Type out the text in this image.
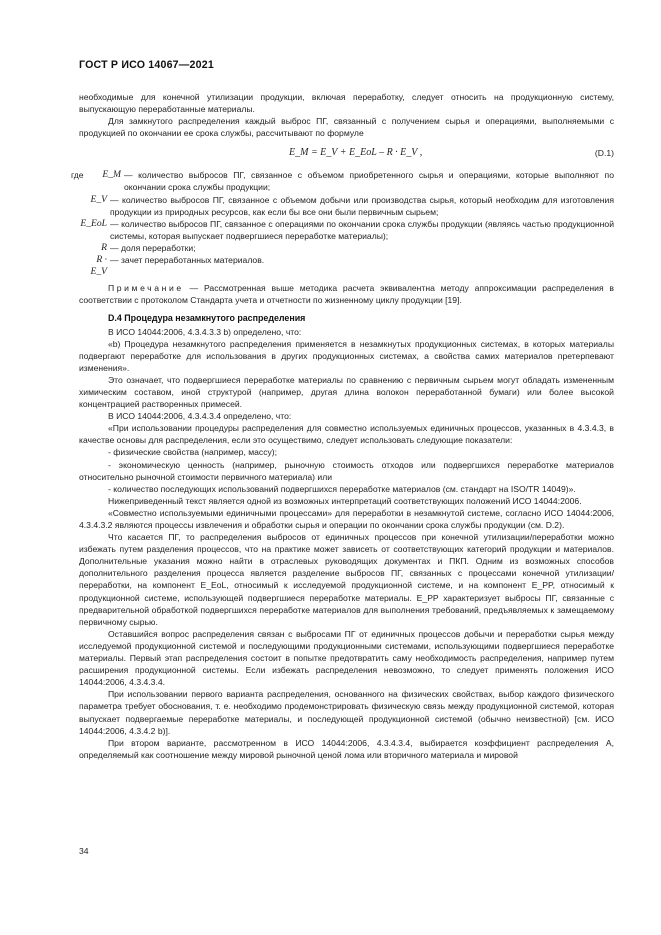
ГОСТ Р ИСО 14067—2021

необходимые для конечной утилизации продукции, включая переработку, следует относить на продукционную систему, выпускающую переработанные материалы.

Для замкнутого распределения каждый выброс ПГ, связанный с получением сырья и операциями, выполняемыми с продукцией по окончании ее срока службы, рассчитывают по формуле

E_M = E_V + E_EoL – R · E_V ,	(D.1)
где	E_M — количество выбросов ПГ, связанное с объемом приобретенного сырья и операциями, которые выполняют по окончании срока службы продукции;
E_V — количество выбросов ПГ, связанное с объемом добычи или производства сырья, который необходим для изготовления продукции из природных ресурсов, как если бы все они были первичным сырьем;
E_EoL — количество выбросов ПГ, связанное с операциями по окончании срока службы продукции (являясь частью продукционной системы, которая выпускает подвергшиеся переработке материалы);
R — доля переработки;
R · E_V
— зачет переработанных материалов.

Примечание — Рассмотренная выше методика расчета эквивалентна методу аппроксимации распределения в соответствии с протоколом Стандарта учета и отчетности по жизненному циклу продукции [19].

D.4 Процедура незамкнутого распределения

В ИСО 14044:2006, 4.3.4.3.3 b) определено, что:

«b) Процедура незамкнутого распределения применяется в незамкнутых продукционных системах, в которых материалы подвергают переработке для использования в других продукционных системах, а свойства самих материалов претерпевают изменения».

Это означает, что подвергшиеся переработке материалы по сравнению с первичным сырьем могут обладать измененным химическим составом, иной структурой (например, другая длина волокон переработанной бумаги) или более высокой концентрацией растворенных примесей.

В ИСО 14044:2006, 4.3.4.3.4 определено, что:

«При использовании процедуры распределения для совместно используемых единичных процессов, указанных в 4.3.4.3, в качестве основы для распределения, если это осуществимо, следует использовать следующие показатели:

- физические свойства (например, массу);

- экономическую ценность (например, рыночную стоимость отходов или подвергшихся переработке материалов относительно рыночной стоимости первичного материала) или

- количество последующих использований подвергшихся переработке материалов (см. стандарт на ISO/TR 14049)».

Нижеприведенный текст является одной из возможных интерпретаций соответствующих положений ИСО 14044:2006.

«Совместно используемыми единичными процессами» для переработки в незамкнутой системе, согласно ИСО 14044:2006, 4.3.4.3.2 являются процессы извлечения и обработки сырья и операции по окончании срока службы продукции (см. D.2).

Что касается ПГ, то распределения выбросов от единичных процессов при конечной утилизации/переработки можно избежать путем разделения процессов, что на практике может зависеть от соответствующих категорий продукции и материалов. Дополнительные указания можно найти в отраслевых руководящих документах и ПКП. Одним из возможных способов дополнительного разделения процесса является разделение выбросов ПГ, связанных с процессами конечной утилизации/переработки, на компонент E_EoL, относимый к исследуемой продукционной системе, и на компонент E_PP, относимый к продукционной системе, использующей подвергшиеся переработке материалы. E_PP характеризует выбросы ПГ, связанные с предварительной обработкой подвергшихся переработке материалов для выполнения требований, предъявляемых к замещаемому первичному сырью.

Оставшийся вопрос распределения связан с выбросами ПГ от единичных процессов добычи и переработки сырья между исследуемой продукционной системой и последующими продукционными системами, использующими подвергшиеся переработке материалы. Первый этап распределения состоит в попытке предотвратить саму необходимость распределения, например путем расширения продукционной системы. Если избежать распределения невозможно, то следует применять положения ИСО 14044:2006, 4.3.4.3.4.

При использовании первого варианта распределения, основанного на физических свойствах, выбор каждого физического параметра требует обоснования, т. е. необходимо продемонстрировать физическую связь между продукционной системой, которая выпускает подвергаемые переработке материалы, и последующей продукционной системой (обычно неизвестной) [см. ИСО 14044:2006, 4.3.4.2 b)].

При втором варианте, рассмотренном в ИСО 14044:2006, 4.3.4.3.4, выбирается коэффициент распределения A, определяемый как соотношение между мировой рыночной ценой лома или вторичного материала и мировой

34
